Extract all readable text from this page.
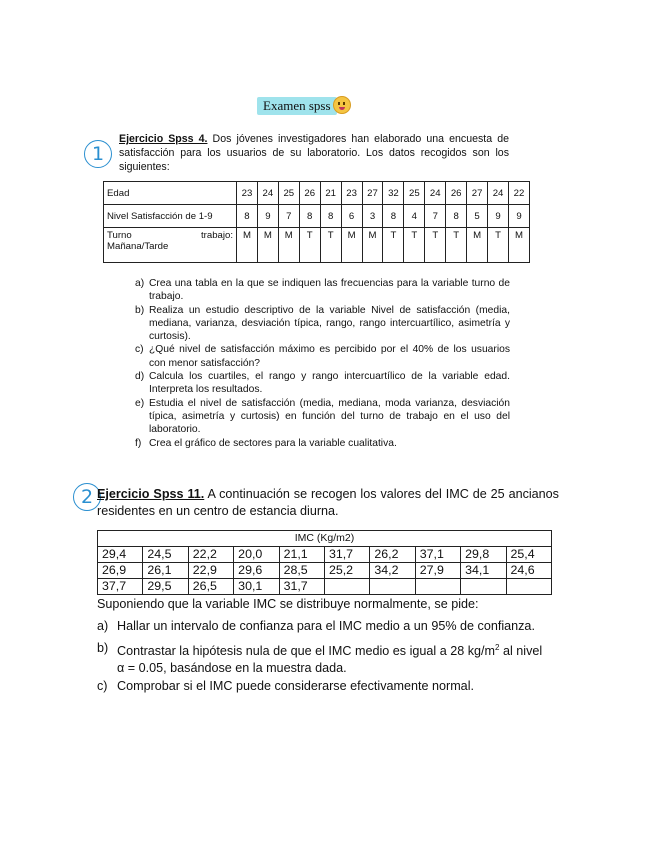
Examen spss
1
Ejercicio Spss 4. Dos jóvenes investigadores han elaborado una encuesta de satisfacción para los usuarios de su laboratorio. Los datos recogidos son los siguientes:
Edad	23	24	25	26	21	23	27	32	25	24	26	27	24	22
Nivel Satisfacción de 1-9	8	9	7	8	8	6	3	8	4	7	8	5	9	9

Turno trabajo:
Mañana/Tarde	M	M	M	T	T	M	M	T	T	T	T	M	T	M
a) Crea una tabla en la que se indiquen las frecuencias para la variable turno de trabajo.
b) Realiza un estudio descriptivo de la variable Nivel de satisfacción (media, mediana, varianza, desviación típica, rango, rango intercuartílico, asimetría y curtosis).
c) ¿Qué nivel de satisfacción máximo es percibido por el 40% de los usuarios con menor satisfacción?
d) Calcula los cuartiles, el rango y rango intercuartílico de la variable edad. Interpreta los resultados.
e) Estudia el nivel de satisfacción (media, mediana, moda varianza, desviación típica, asimetría y curtosis) en función del turno de trabajo en el uso del laboratorio.
f) Crea el gráfico de sectores para la variable cualitativa.
2 Ejercicio Spss 11. A continuación se recogen los valores del IMC de 25 ancianos residentes en un centro de estancia diurna.
IMC (Kg/m2)									
29,4	24,5	22,2	20,0	21,1	31,7	26,2	37,1	29,8	25,4
26,9	26,1	22,9	29,6	28,5	25,2	34,2	27,9	34,1	24,6
37,7	29,5	26,5	30,1	31,7					
Suponiendo que la variable IMC se distribuye normalmente, se pide:
a) Hallar un intervalo de confianza para el IMC medio a un 95% de confianza.
b) Contrastar la hipótesis nula de que el IMC medio es igual a 28 $kg/m^2$ al nivel
α = 0.05, basándose en la muestra dada.
c) Comprobar si el IMC puede considerarse efectivamente normal.
